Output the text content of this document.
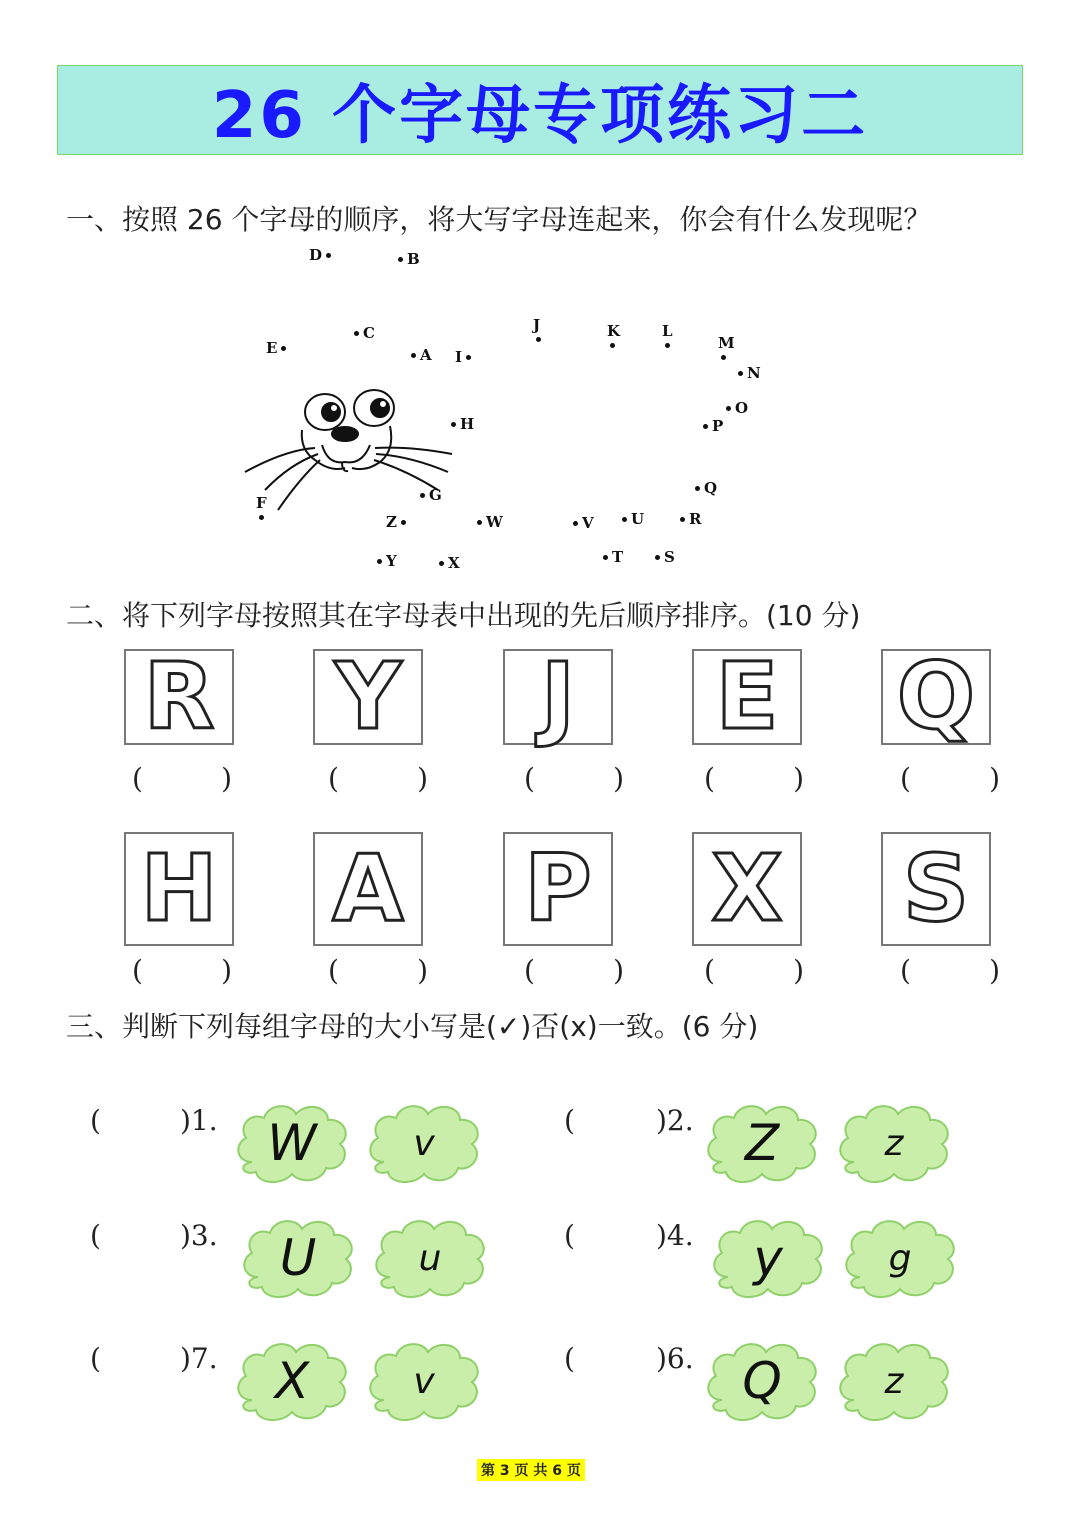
26 个字母专项练习二
一、按照 26 个字母的顺序，将大写字母连起来，你会有什么发现呢？
A
B
C
D
E
F	G
H
I
J	K	L
M
N
O
P
Q
R
S
T
U
V
W
X
Y
Z
二、将下列字母按照其在字母表中出现的先后顺序排序。(10 分)
R Y J E Q
(	)	(	)	(	)	(	)	(	)
H A P X S
(	)	(	)	(	)	(	)	(	)
三、判断下列每组字母的大小写是(✓)否(x)一致。(6 分)
(	)1. W	v
(	)2.	Z	z
(	)3.	U	u
(	)4.	y	g
(	)7.	X	v
(	)6. Q	z
第 3 页 共 6 页
